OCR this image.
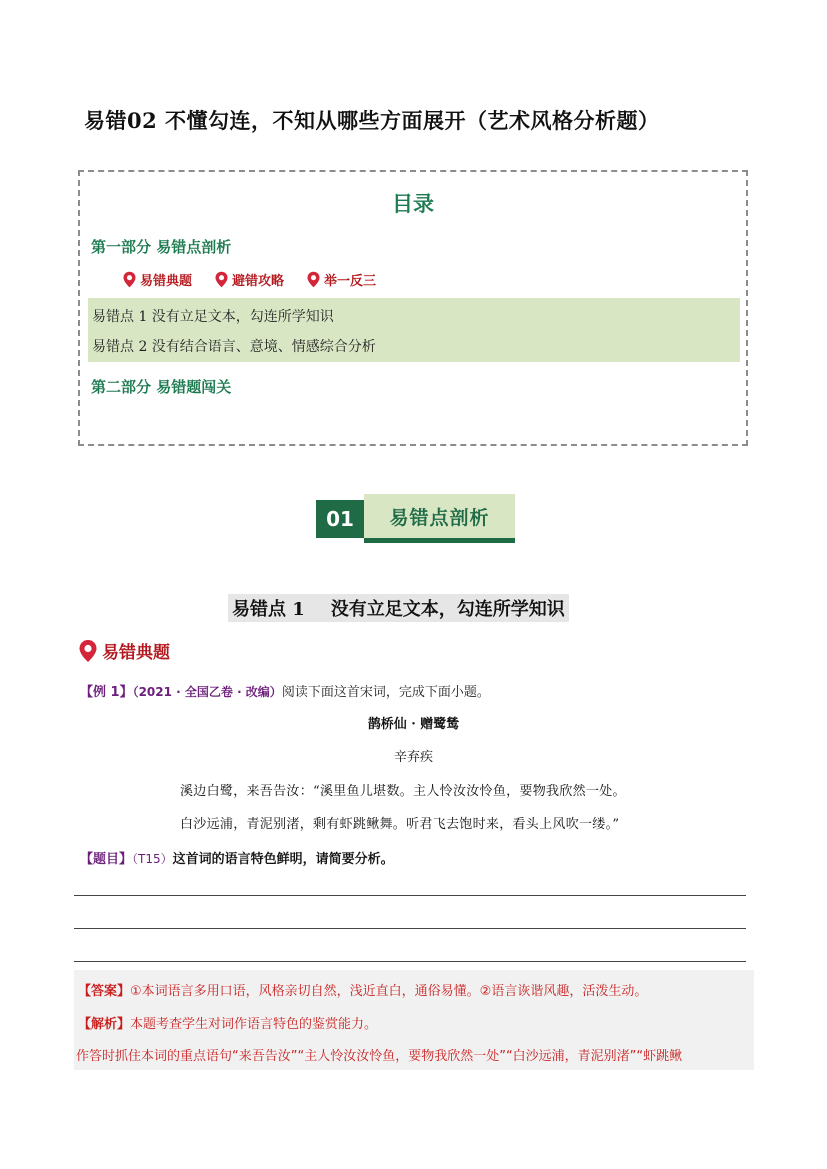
易错02 不懂勾连，不知从哪些方面展开（艺术风格分析题）
目录
第一部分 易错点剖析
易错典题	避错攻略	举一反三
易错点 1 没有立足文本，勾连所学知识
易错点 2 没有结合语言、意境、情感综合分析
第二部分 易错题闯关
01	易错点剖析
易错点 1 没有立足文本，勾连所学知识
易错典题
【例 1】（2021 · 全国乙卷 · 改编）阅读下面这首宋词，完成下面小题。
鹊桥仙 · 赠鹭鸶
辛弃疾
溪边白鹭，来吾告汝：“溪里鱼儿堪数。主人怜汝汝怜鱼，要物我欣然一处。
白沙远浦，青泥别渚，剩有虾跳鳅舞。听君飞去饱时来，看头上风吹一缕。”
【题目】（T15）这首词的语言特色鲜明，请简要分析。
【答案】①本词语言多用口语，风格亲切自然，浅近直白，通俗易懂。②语言诙谐风趣，活泼生动。
【解析】本题考查学生对词作语言特色的鉴赏能力。
作答时抓住本词的重点语句“来吾告汝”“主人怜汝汝怜鱼，要物我欣然一处”“白沙远浦，青泥别渚”“虾跳鳅
